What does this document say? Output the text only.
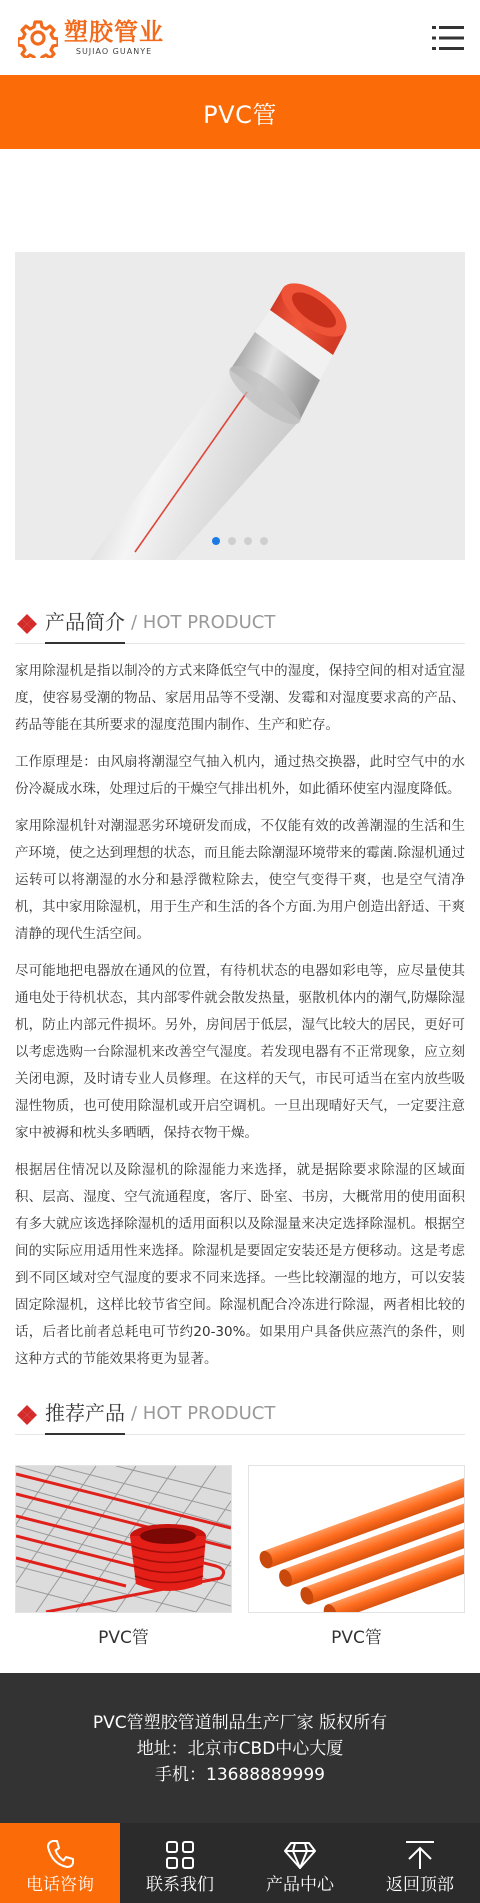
塑胶管业
SUJIAO GUANYE
PVC管
产品简介 / HOT PRODUCT

家用除湿机是指以制冷的方式来降低空气中的湿度，保持空间的相对适宜湿度，使容易受潮的物品、家居用品等不受潮、发霉和对湿度要求高的产品、药品等能在其所要求的湿度范围内制作、生产和贮存。

工作原理是：由风扇将潮湿空气抽入机内，通过热交换器，此时空气中的水份冷凝成水珠，处理过后的干燥空气排出机外，如此循环使室内湿度降低。

家用除湿机针对潮湿恶劣环境研发而成，不仅能有效的改善潮湿的生活和生产环境，使之达到理想的状态，而且能去除潮湿环境带来的霉菌.除湿机通过运转可以将潮湿的水分和悬浮微粒除去，使空气变得干爽，也是空气清净机，其中家用除湿机，用于生产和生活的各个方面.为用户创造出舒适、干爽清静的现代生活空间。

尽可能地把电器放在通风的位置，有待机状态的电器如彩电等，应尽量使其通电处于待机状态，其内部零件就会散发热量，驱散机体内的潮气,防爆除湿机，防止内部元件损坏。另外，房间居于低层，湿气比较大的居民，更好可以考虑选购一台除湿机来改善空气湿度。若发现电器有不正常现象，应立刻关闭电源，及时请专业人员修理。在这样的天气，市民可适当在室内放些吸湿性物质，也可使用除湿机或开启空调机。一旦出现晴好天气，一定要注意家中被褥和枕头多晒晒，保持衣物干燥。

根据居住情况以及除湿机的除湿能力来选择，就是据除要求除湿的区域面积、层高、湿度、空气流通程度，客厅、卧室、书房，大概常用的使用面积有多大就应该选择除湿机的适用面积以及除湿量来决定选择除湿机。根据空间的实际应用适用性来选择。除湿机是要固定安装还是方便移动。这是考虑到不同区域对空气湿度的要求不同来选择。一些比较潮湿的地方，可以安装固定除湿机，这样比较节省空间。除湿机配合冷冻进行除湿，两者相比较的话，后者比前者总耗电可节约20-30%。如果用户具备供应蒸汽的条件，则这种方式的节能效果将更为显著。

推荐产品 / HOT PRODUCT
PVC管	PVC管
PVC管塑胶管道制品生产厂家 版权所有
地址：北京市CBD中心大厦
手机：13688889999
电话咨询	联系我们	产品中心	返回顶部
